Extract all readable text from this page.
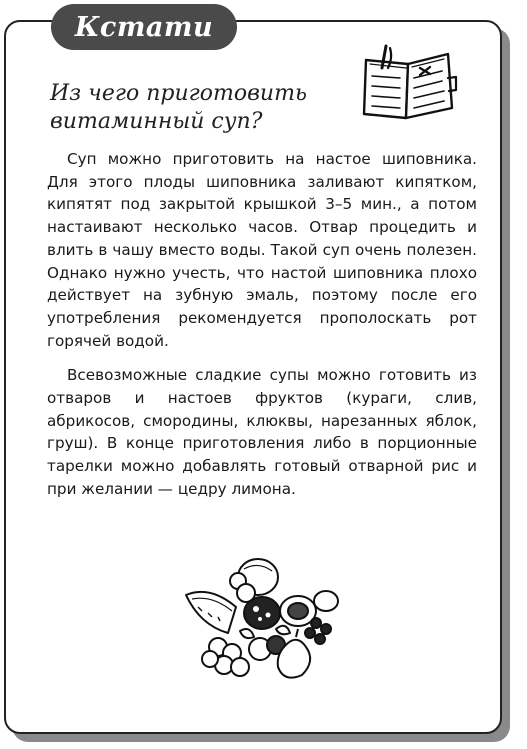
Кстати
Из чего приготовить
витаминный суп?

Суп можно приготовить на настое шиповника. Для этого плоды шиповника заливают кипятком, кипятят под закрытой крышкой 3–5 мин., а потом настаивают несколько часов. Отвар процедить и влить в чашу вместо воды. Такой суп очень полезен. Однако нужно учесть, что настой шиповника плохо действует на зубную эмаль, поэтому после его употребления рекомендуется прополоскать рот горячей водой.

Всевозможные сладкие супы можно готовить из отваров и настоев фруктов (кураги, слив, абрикосов, смородины, клюквы, нарезанных яблок, груш). В конце приготовления либо в порционные тарелки можно добавлять готовый отварной рис и при желании — цедру лимона.
